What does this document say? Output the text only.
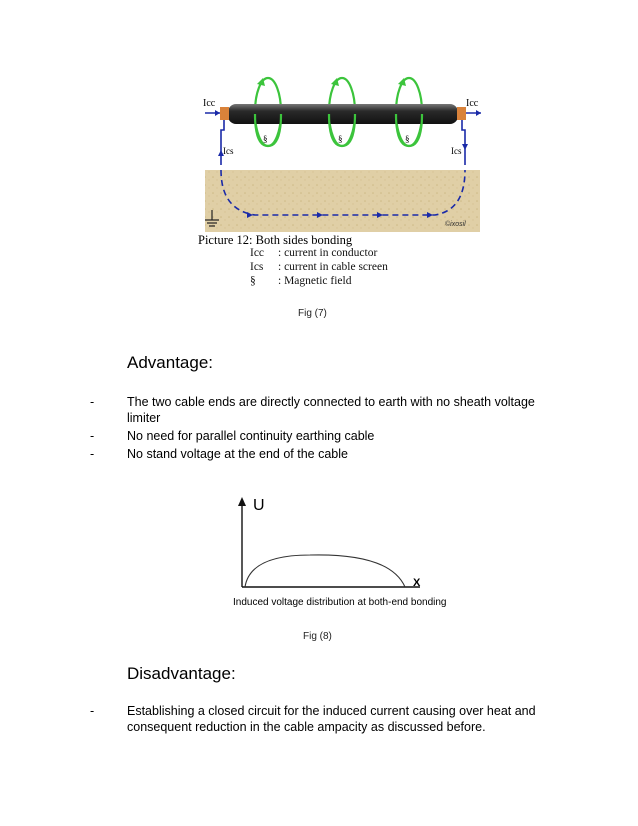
Icc	Icc
Ics	Ics
§	§	§
©ixosil
Picture 12: Both sides bonding
Icc : current in conductor
Ics : current in cable screen
§ : Magnetic field
Fig (7)
Advantage:
-	The two cable ends are directly connected to earth with no sheath voltage limiter
-	No need for parallel continuity earthing cable
-	No stand voltage at the end of the cable
U
X
Induced voltage distribution at both-end bonding
Fig (8)
Disadvantage:
-	Establishing a closed circuit for the induced current causing over heat and consequent reduction in the cable ampacity as discussed before.
